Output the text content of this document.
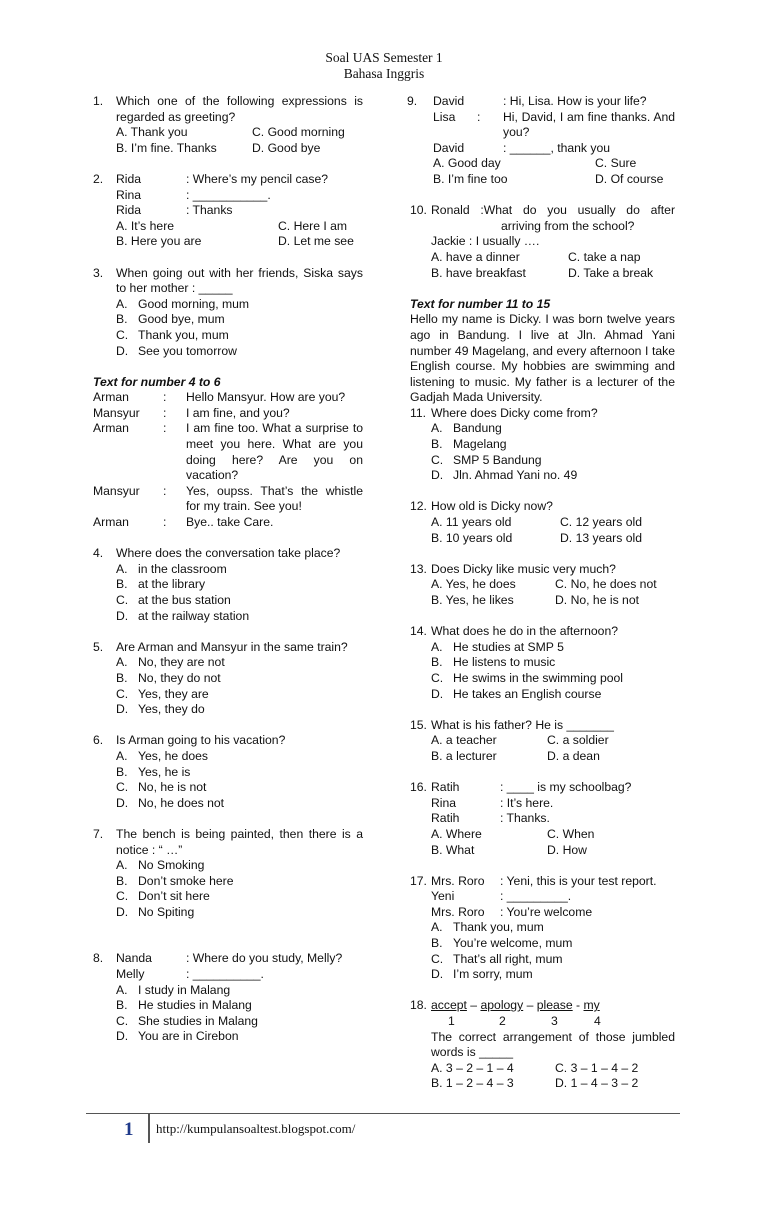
Soal UAS Semester 1
Bahasa Inggris
1. Which one of the following expressions is regarded as greeting?
A. Thank you	C. Good morning
B. I’m fine. Thanks	D. Good bye
2. Rida	: Where’s my pencil case?
Rina	: ___________.
Rida	: Thanks
A. It’s here	C. Here I am
B. Here you are	D. Let me see
3. When going out with her friends, Siska says to her mother : _____
A. Good morning, mum
B. Good bye, mum
C. Thank you, mum
D. See you tomorrow
Text for number 4 to 6
Arman	:	Hello Mansyur. How are you?
Mansyur	:	I am fine, and you?
Arman	:	I am fine too. What a surprise to meet you here. What are you doing here? Are you on vacation?
Mansyur	:	Yes, oupss. That’s the whistle for my train. See you!
Arman	:	Bye.. take Care.
4. Where does the conversation take place?
A. in the classroom
B. at the library
C. at the bus station
D. at the railway station
5. Are Arman and Mansyur in the same train?
A. No, they are not
B. No, they do not
C. Yes, they are
D. Yes, they do
6. Is Arman going to his vacation?
A. Yes, he does
B. Yes, he is
C. No, he is not
D. No, he does not
7. The bench is being painted, then there is a notice : “ …”
A. No Smoking
B. Don’t smoke here
C. Don’t sit here
D. No Spiting
8. Nanda	: Where do you study, Melly?
Melly	: __________.
A. I study in Malang
B. He studies in Malang
C. She studies in Malang
D. You are in Cirebon
9. David	: Hi, Lisa. How is your life?
Lisa	:	Hi, David, I am fine thanks. And you?
David	: ______, thank you
A. Good day	C. Sure
B. I’m fine too	D. Of course
10. Ronald :What do you usually do after
arriving from the school?
Jackie : I usually ….
A. have a dinner	C. take a nap
B. have breakfast	D. Take a break
Text for number 11 to 15
Hello my name is Dicky. I was born twelve years ago in Bandung. I live at Jln. Ahmad Yani number 49 Magelang, and every afternoon I take English course. My hobbies are swimming and listening to music. My father is a lecturer of the Gadjah Mada University.
11. Where does Dicky come from?
A. Bandung
B. Magelang
C. SMP 5 Bandung
D. Jln. Ahmad Yani no. 49
12. How old is Dicky now?
A. 11 years old	C. 12 years old
B. 10 years old	D. 13 years old
13. Does Dicky like music very much?
A. Yes, he does	C. No, he does not
B. Yes, he likes	D. No, he is not
14. What does he do in the afternoon?
A. He studies at SMP 5
B. He listens to music
C. He swims in the swimming pool
D. He takes an English course
15. What is his father? He is _______
A. a teacher	C. a soldier
B. a lecturer	D. a dean
16. Ratih	: ____ is my schoolbag?
Rina	: It’s here.
Ratih	: Thanks.
A. Where	C. When
B. What	D. How
17. Mrs. Roro	: Yeni, this is your test report.
Yeni	: _________.
Mrs. Roro	: You’re welcome
A. Thank you, mum
B. You’re welcome, mum
C. That’s all right, mum
D. I’m sorry, mum
18. accept – apology – please - my
1	2	3	4
The correct arrangement of those jumbled words is _____
A. 3 – 2 – 1 – 4	C. 3 – 1 – 4 – 2
B. 1 – 2 – 4 – 3	D. 1 – 4 – 3 – 2
1 http://kumpulansoaltest.blogspot.com/
